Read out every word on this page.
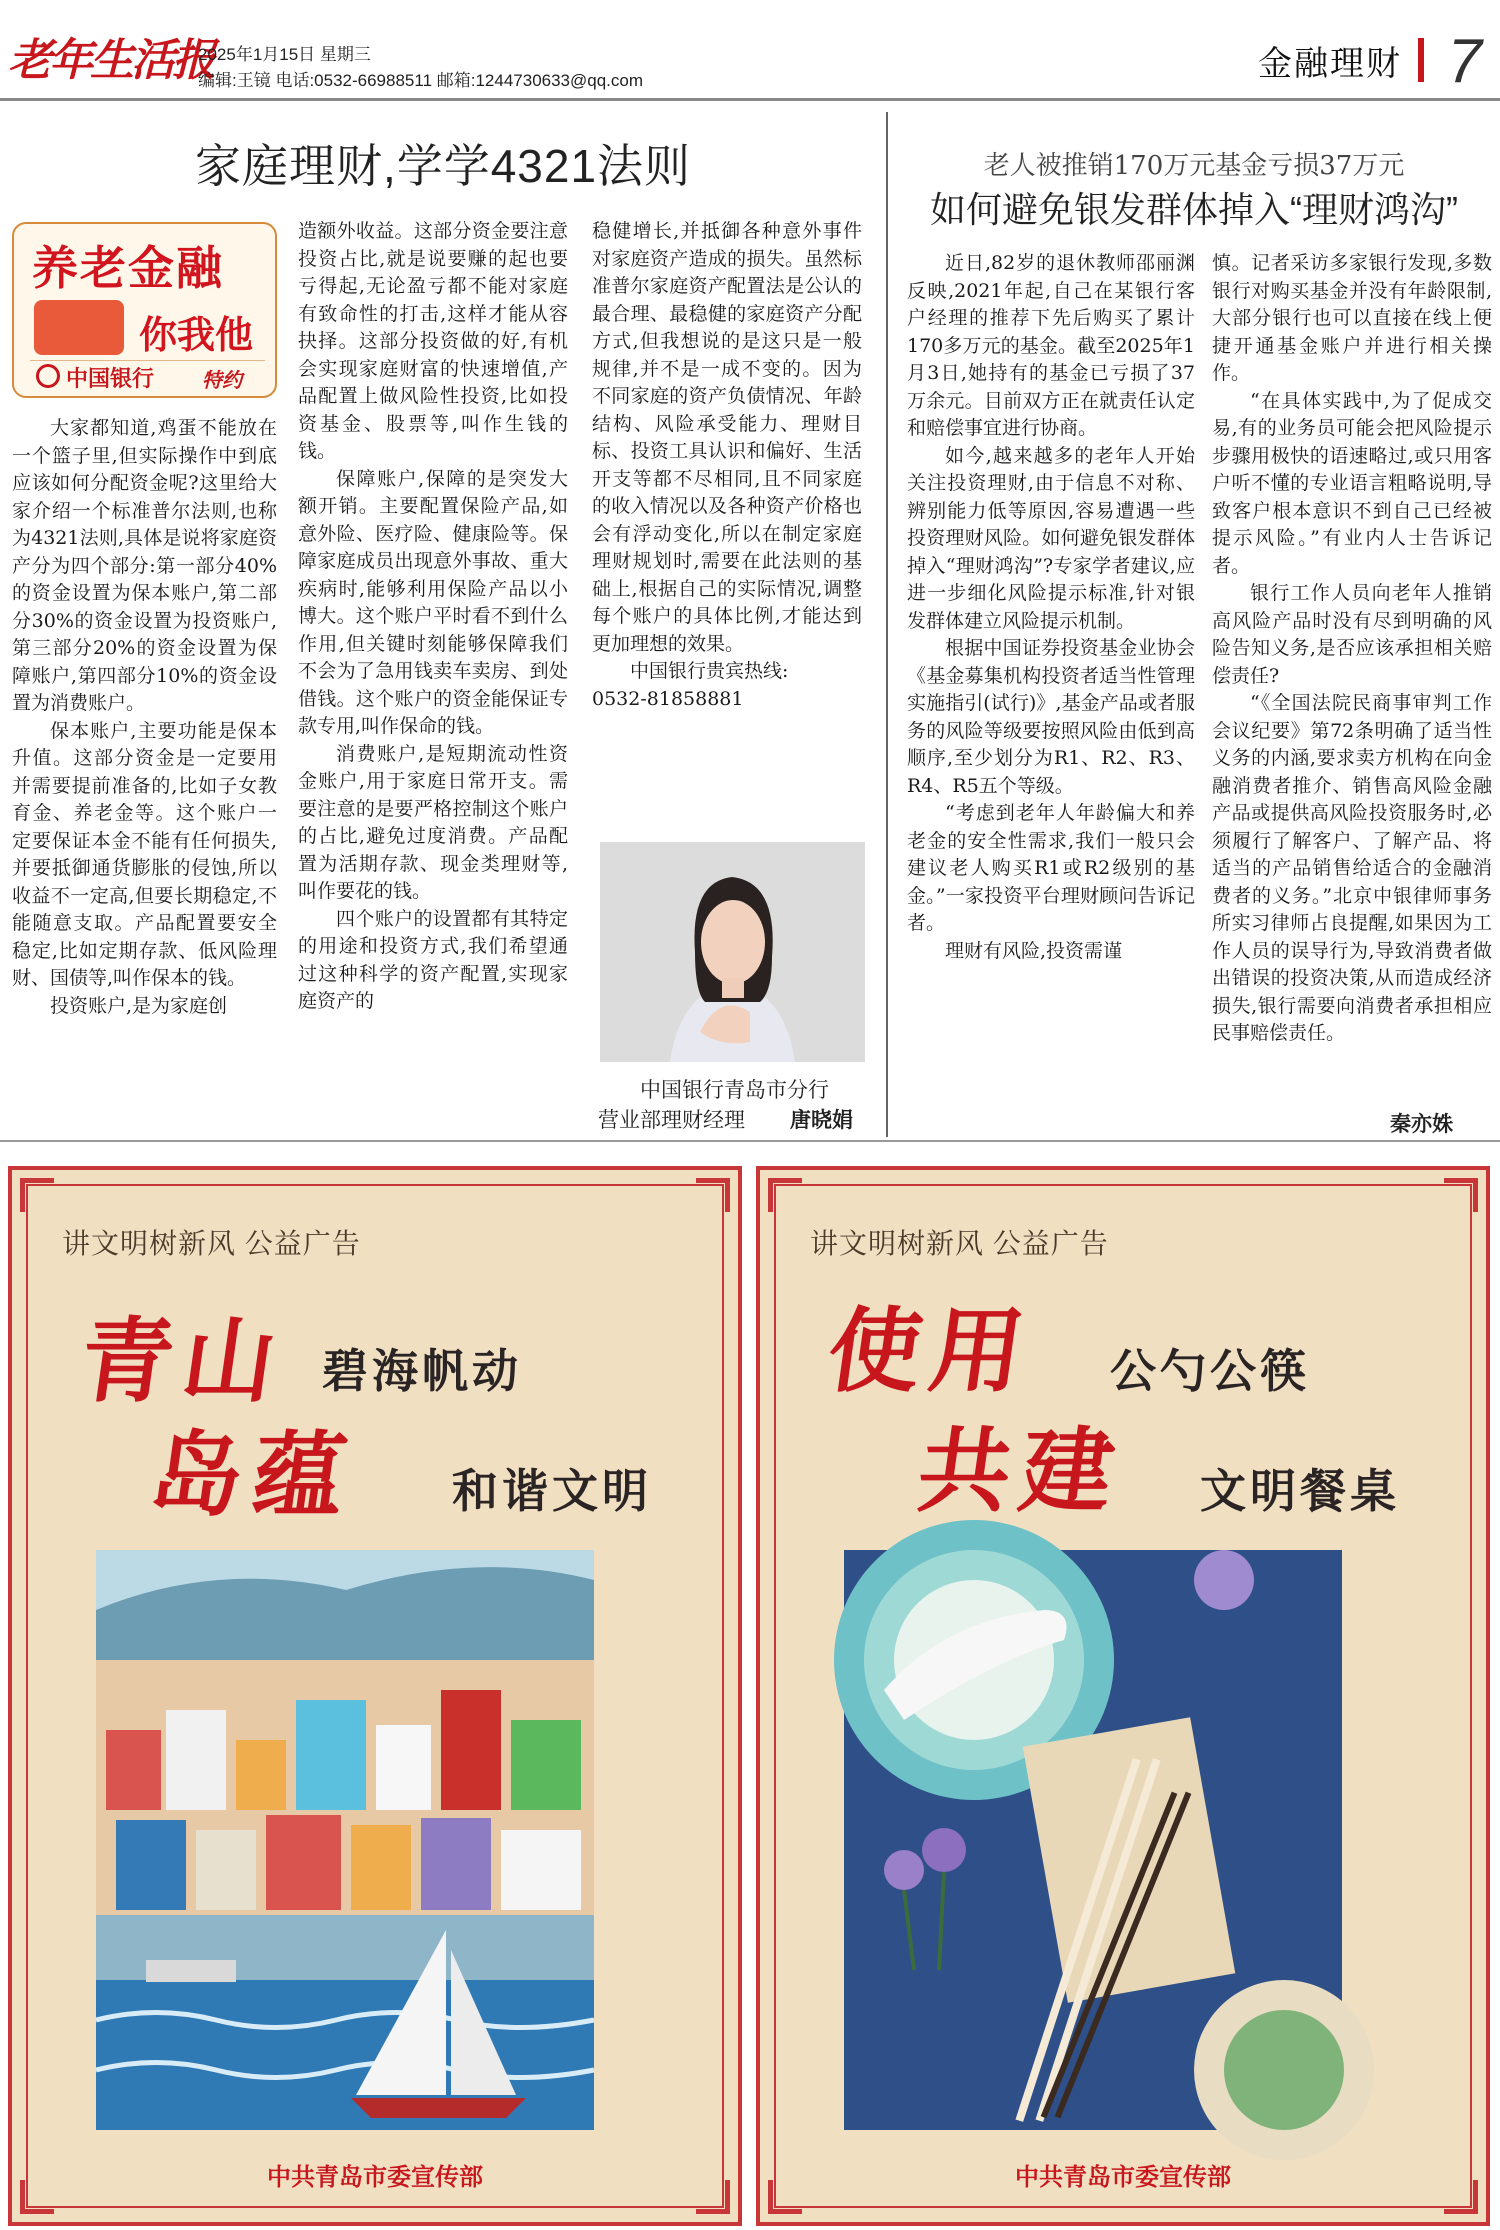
老年生活报
2025年1月15日 星期三
编辑:王镜 电话:0532-66988511 邮箱:1244730633@qq.com	金融理财 7
家庭理财,学学4321法则
养老金融
你我他
中国银行 特约

大家都知道,鸡蛋不能放在一个篮子里,但实际操作中到底应该如何分配资金呢?这里给大家介绍一个标准普尔法则,也称为4321法则,具体是说将家庭资产分为四个部分:第一部分40%的资金设置为保本账户,第二部分30%的资金设置为投资账户,第三部分20%的资金设置为保障账户,第四部分10%的资金设置为消费账户。

保本账户,主要功能是保本升值。这部分资金是一定要用并需要提前准备的,比如子女教育金、养老金等。这个账户一定要保证本金不能有任何损失,并要抵御通货膨胀的侵蚀,所以收益不一定高,但要长期稳定,不能随意支取。产品配置要安全稳定,比如定期存款、低风险理财、国债等,叫作保本的钱。

投资账户,是为家庭创

造额外收益。这部分资金要注意投资占比,就是说要赚的起也要亏得起,无论盈亏都不能对家庭有致命性的打击,这样才能从容抉择。这部分投资做的好,有机会实现家庭财富的快速增值,产品配置上做风险性投资,比如投资基金、股票等,叫作生钱的钱。

保障账户,保障的是突发大额开销。主要配置保险产品,如意外险、医疗险、健康险等。保障家庭成员出现意外事故、重大疾病时,能够利用保险产品以小博大。这个账户平时看不到什么作用,但关键时刻能够保障我们不会为了急用钱卖车卖房、到处借钱。这个账户的资金能保证专款专用,叫作保命的钱。

消费账户,是短期流动性资金账户,用于家庭日常开支。需要注意的是要严格控制这个账户的占比,避免过度消费。产品配置为活期存款、现金类理财等,叫作要花的钱。

四个账户的设置都有其特定的用途和投资方式,我们希望通过这种科学的资产配置,实现家庭资产的

稳健增长,并抵御各种意外事件对家庭资产造成的损失。虽然标准普尔家庭资产配置法是公认的最合理、最稳健的家庭资产分配方式,但我想说的是这只是一般规律,并不是一成不变的。因为不同家庭的资产负债情况、年龄结构、风险承受能力、理财目标、投资工具认识和偏好、生活开支等都不尽相同,且不同家庭的收入情况以及各种资产价格也会有浮动变化,所以在制定家庭理财规划时,需要在此法则的基础上,根据自己的实际情况,调整每个账户的具体比例,才能达到更加理想的效果。

中国银行贵宾热线:

0532-81858881

中国银行青岛市分行
营业部理财经理 唐晓娟
老人被推销170万元基金亏损37万元
如何避免银发群体掉入“理财鸿沟”

近日,82岁的退休教师邵丽渊反映,2021年起,自己在某银行客户经理的推荐下先后购买了累计170多万元的基金。截至2025年1月3日,她持有的基金已亏损了37万余元。目前双方正在就责任认定和赔偿事宜进行协商。

如今,越来越多的老年人开始关注投资理财,由于信息不对称、辨别能力低等原因,容易遭遇一些投资理财风险。如何避免银发群体掉入“理财鸿沟”?专家学者建议,应进一步细化风险提示标准,针对银发群体建立风险提示机制。

根据中国证券投资基金业协会《基金募集机构投资者适当性管理实施指引(试行)》,基金产品或者服务的风险等级要按照风险由低到高顺序,至少划分为R1、R2、R3、R4、R5五个等级。

“考虑到老年人年龄偏大和养老金的安全性需求,我们一般只会建议老人购买R1或R2级别的基金。”一家投资平台理财顾问告诉记者。

理财有风险,投资需谨

慎。记者采访多家银行发现,多数银行对购买基金并没有年龄限制,大部分银行也可以直接在线上便捷开通基金账户并进行相关操作。

“在具体实践中,为了促成交易,有的业务员可能会把风险提示步骤用极快的语速略过,或只用客户听不懂的专业语言粗略说明,导致客户根本意识不到自己已经被提示风险。”有业内人士告诉记者。

银行工作人员向老年人推销高风险产品时没有尽到明确的风险告知义务,是否应该承担相关赔偿责任?

“《全国法院民商事审判工作会议纪要》第72条明确了适当性义务的内涵,要求卖方机构在向金融消费者推介、销售高风险金融产品或提供高风险投资服务时,必须履行了解客户、了解产品、将适当的产品销售给适合的金融消费者的义务。”北京中银律师事务所实习律师占良提醒,如果因为工作人员的误导行为,导致消费者做出错误的投资决策,从而造成经济损失,银行需要向消费者承担相应民事赔偿责任。

秦亦姝
讲文明树新风 公益广告
青山 碧海帆动
岛蕴 和谐文明
中共青岛市委宣传部
讲文明树新风 公益广告
使用 公勺公筷
共建 文明餐桌
中共青岛市委宣传部
